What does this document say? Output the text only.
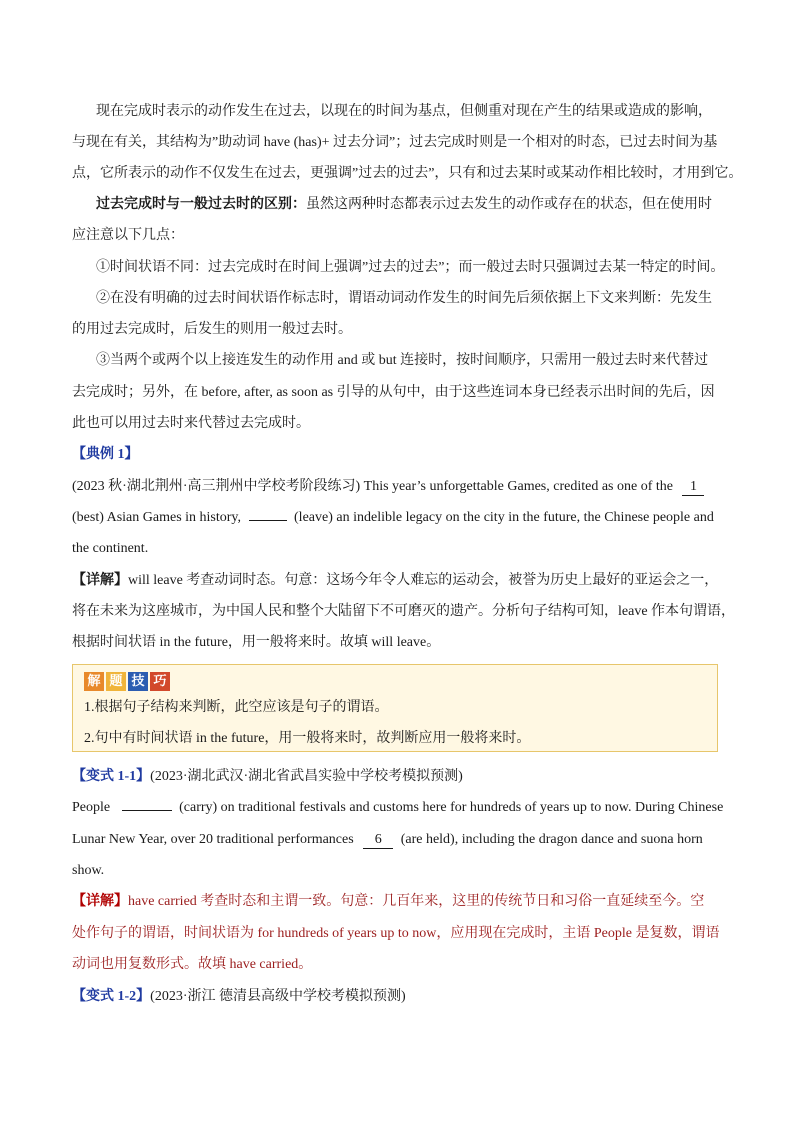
现在完成时表示的动作发生在过去，以现在的时间为基点，但侧重对现在产生的结果或造成的影响，
与现在有关，其结构为”助动词 have (has)+ 过去分词”；过去完成时则是一个相对的时态，已过去时间为基
点，它所表示的动作不仅发生在过去，更强调”过去的过去”，只有和过去某时或某动作相比较时，才用到它。
过去完成时与一般过去时的区别：虽然这两种时态都表示过去发生的动作或存在的状态，但在使用时
应注意以下几点：
①时间状语不同：过去完成时在时间上强调”过去的过去”；而一般过去时只强调过去某一特定的时间。
②在没有明确的过去时间状语作标志时，谓语动词动作发生的时间先后须依据上下文来判断：先发生
的用过去完成时，后发生的则用一般过去时。
③当两个或两个以上接连发生的动作用 and 或 but 连接时，按时间顺序，只需用一般过去时来代替过
去完成时；另外，在 before, after, as soon as 引导的从句中，由于这些连词本身已经表示出时间的先后，因
此也可以用过去时来代替过去完成时。
【典例 1】
(2023 秋·湖北荆州·高三荆州中学校考阶段练习) This year’s unforgettable Games, credited as one of the 1
(best) Asian Games in history,	(leave) an indelible legacy on the city in the future, the Chinese people and
the continent.
【详解】will leave 考查动词时态。句意：这场今年令人难忘的运动会，被誉为历史上最好的亚运会之一，
将在未来为这座城市，为中国人民和整个大陆留下不可磨灭的遗产。分析句子结构可知，leave 作本句谓语，
根据时间状语 in the future，用一般将来时。故填 will leave。
解 题 技 巧
1.根据句子结构来判断，此空应该是句子的谓语。
2.句中有时间状语 in the future，用一般将来时，故判断应用一般将来时。
【变式 1-1】(2023·湖北武汉·湖北省武昌实验中学校考模拟预测)
People	(carry) on traditional festivals and customs here for hundreds of years up to now. During Chinese
Lunar New Year, over 20 traditional performances 6 (are held), including the dragon dance and suona horn
show.
【详解】have carried 考查时态和主谓一致。句意：几百年来，这里的传统节日和习俗一直延续至今。空
处作句子的谓语，时间状语为 for hundreds of years up to now，应用现在完成时，主语 People 是复数，谓语
动词也用复数形式。故填 have carried。
【变式 1-2】(2023·浙江 德清县高级中学校考模拟预测)
